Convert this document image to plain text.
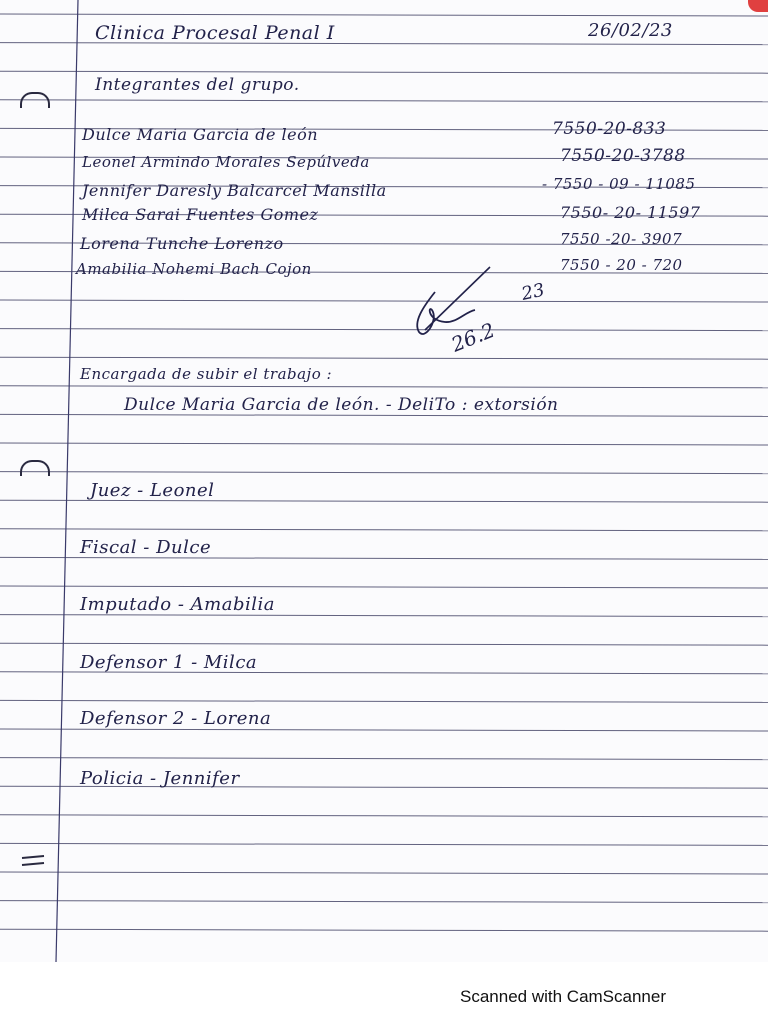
Clinica Procesal Penal I	26/02/23
Integrantes del grupo.
Dulce Maria Garcia de león	7550-20-833
Leonel Armindo Morales Sepúlveda	7550-20-3788
Jennifer Daresly Balcarcel Mansilla	- 7550 - 09 - 11085
Milca Sarai Fuentes Gomez	7550- 20- 11597
Lorena Tunche Lorenzo	7550 -20- 3907
Amabilia Nohemi Bach Cojon	7550 - 20 - 720
26.2
23
Encargada de subir el trabajo :
Dulce Maria Garcia de león. - DeliTo : extorsión
Juez - Leonel
Fiscal - Dulce
Imputado - Amabilia
Defensor 1 - Milca
Defensor 2 - Lorena
Policia - Jennifer
Scanned with CamScanner
